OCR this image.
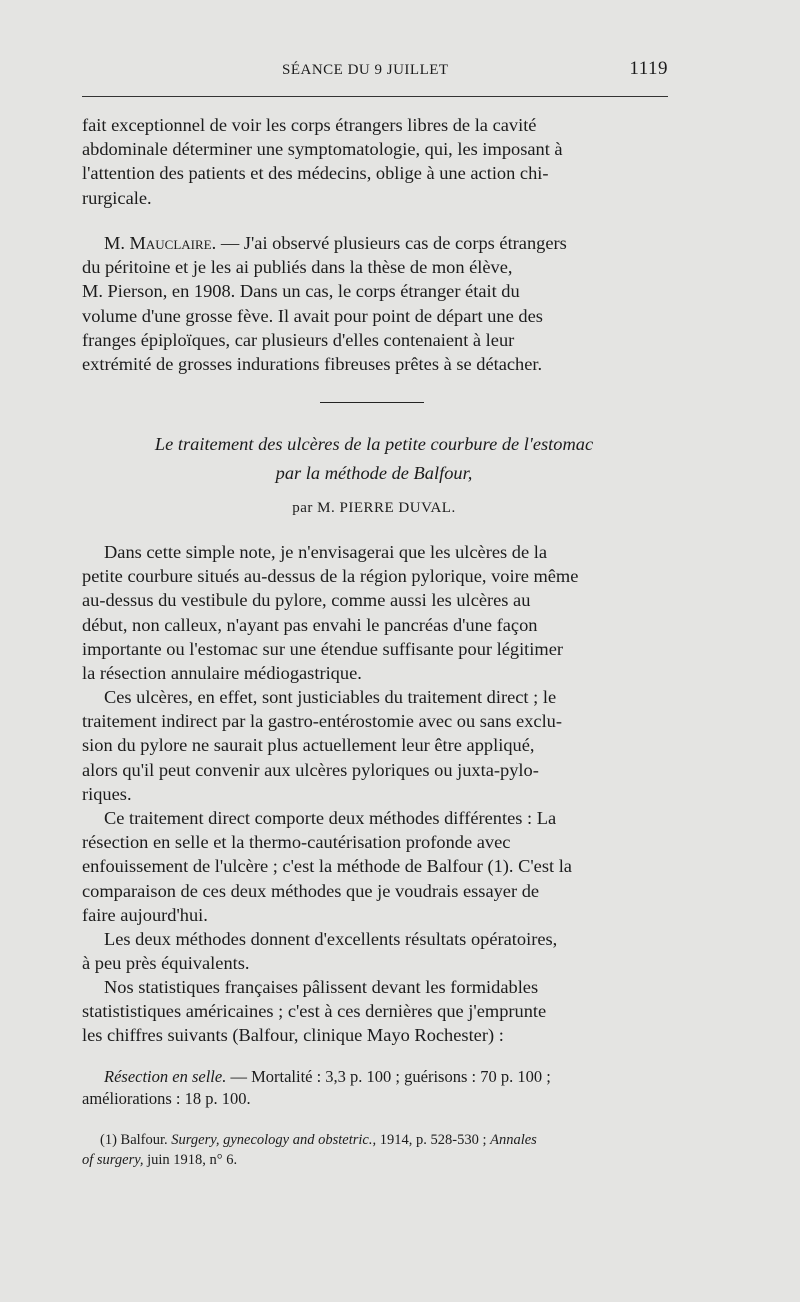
SÉANCE DU 9 JUILLET	1119
fait exceptionnel de voir les corps étrangers libres de la cavité
abdominale déterminer une symptomatologie, qui, les imposant à
l'attention des patients et des médecins, oblige à une action chi-
rurgicale.
M. Mauclaire. — J'ai observé plusieurs cas de corps étrangers
du péritoine et je les ai publiés dans la thèse de mon élève,
M. Pierson, en 1908. Dans un cas, le corps étranger était du
volume d'une grosse fève. Il avait pour point de départ une des
franges épiploïques, car plusieurs d'elles contenaient à leur
extrémité de grosses indurations fibreuses prêtes à se détacher.
Le traitement des ulcères de la petite courbure de l'estomac
par la méthode de Balfour,
par M. PIERRE DUVAL.
Dans cette simple note, je n'envisagerai que les ulcères de la
petite courbure situés au-dessus de la région pylorique, voire même
au-dessus du vestibule du pylore, comme aussi les ulcères au
début, non calleux, n'ayant pas envahi le pancréas d'une façon
importante ou l'estomac sur une étendue suffisante pour légitimer
la résection annulaire médiogastrique.
Ces ulcères, en effet, sont justiciables du traitement direct ; le
traitement indirect par la gastro-entérostomie avec ou sans exclu-
sion du pylore ne saurait plus actuellement leur être appliqué,
alors qu'il peut convenir aux ulcères pyloriques ou juxta-pylo-
riques.
Ce traitement direct comporte deux méthodes différentes : La
résection en selle et la thermo-cautérisation profonde avec
enfouissement de l'ulcère ; c'est la méthode de Balfour (1). C'est la
comparaison de ces deux méthodes que je voudrais essayer de
faire aujourd'hui.
Les deux méthodes donnent d'excellents résultats opératoires,
à peu près équivalents.
Nos statistiques françaises pâlissent devant les formidables
statististiques américaines ; c'est à ces dernières que j'emprunte
les chiffres suivants (Balfour, clinique Mayo Rochester) :
Résection en selle. — Mortalité : 3,3 p. 100 ; guérisons : 70 p. 100 ;
améliorations : 18 p. 100.
(1) Balfour. Surgery, gynecology and obstetric., 1914, p. 528-530 ; Annales
of surgery, juin 1918, n° 6.
